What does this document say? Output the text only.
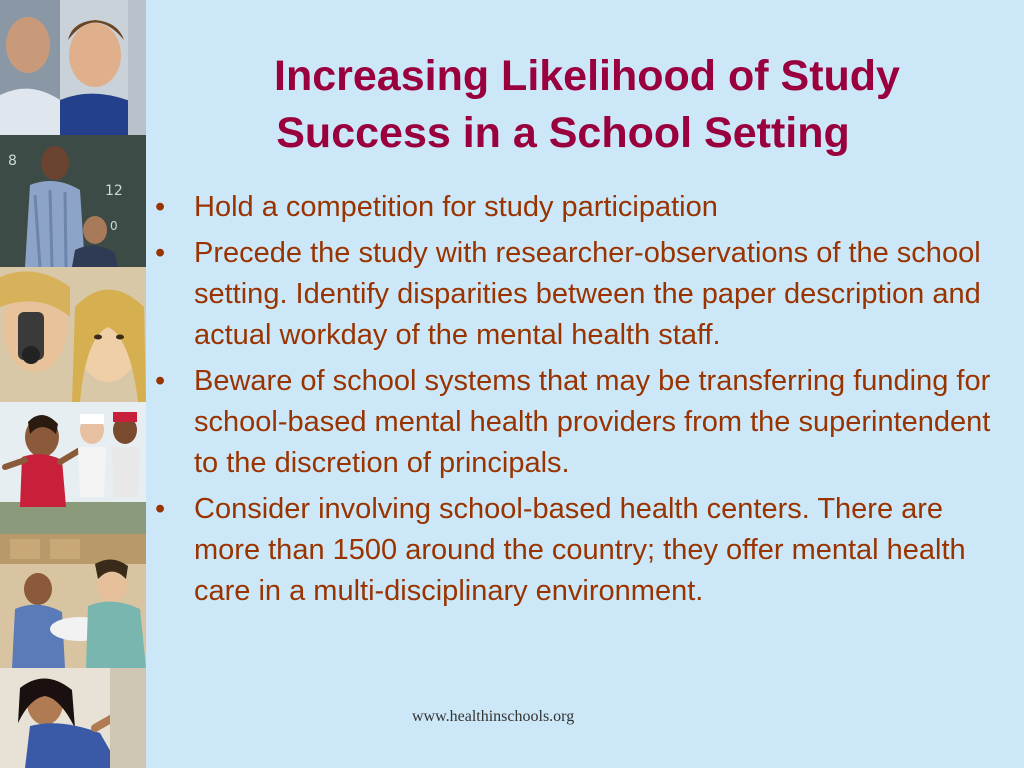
8
12
0
Increasing Likelihood of Study
Success in a School Setting
• Hold a competition for study participation
• Precede the study with researcher-observations of the school setting. Identify disparities between the paper description and actual workday of the mental health staff.
• Beware of school systems that may be transferring funding for school-based mental health providers from the superintendent to the discretion of principals.
• Consider involving school-based health centers. There are more than 1500 around the country; they offer mental health care in a multi-disciplinary environment.
www.healthinschools.org
